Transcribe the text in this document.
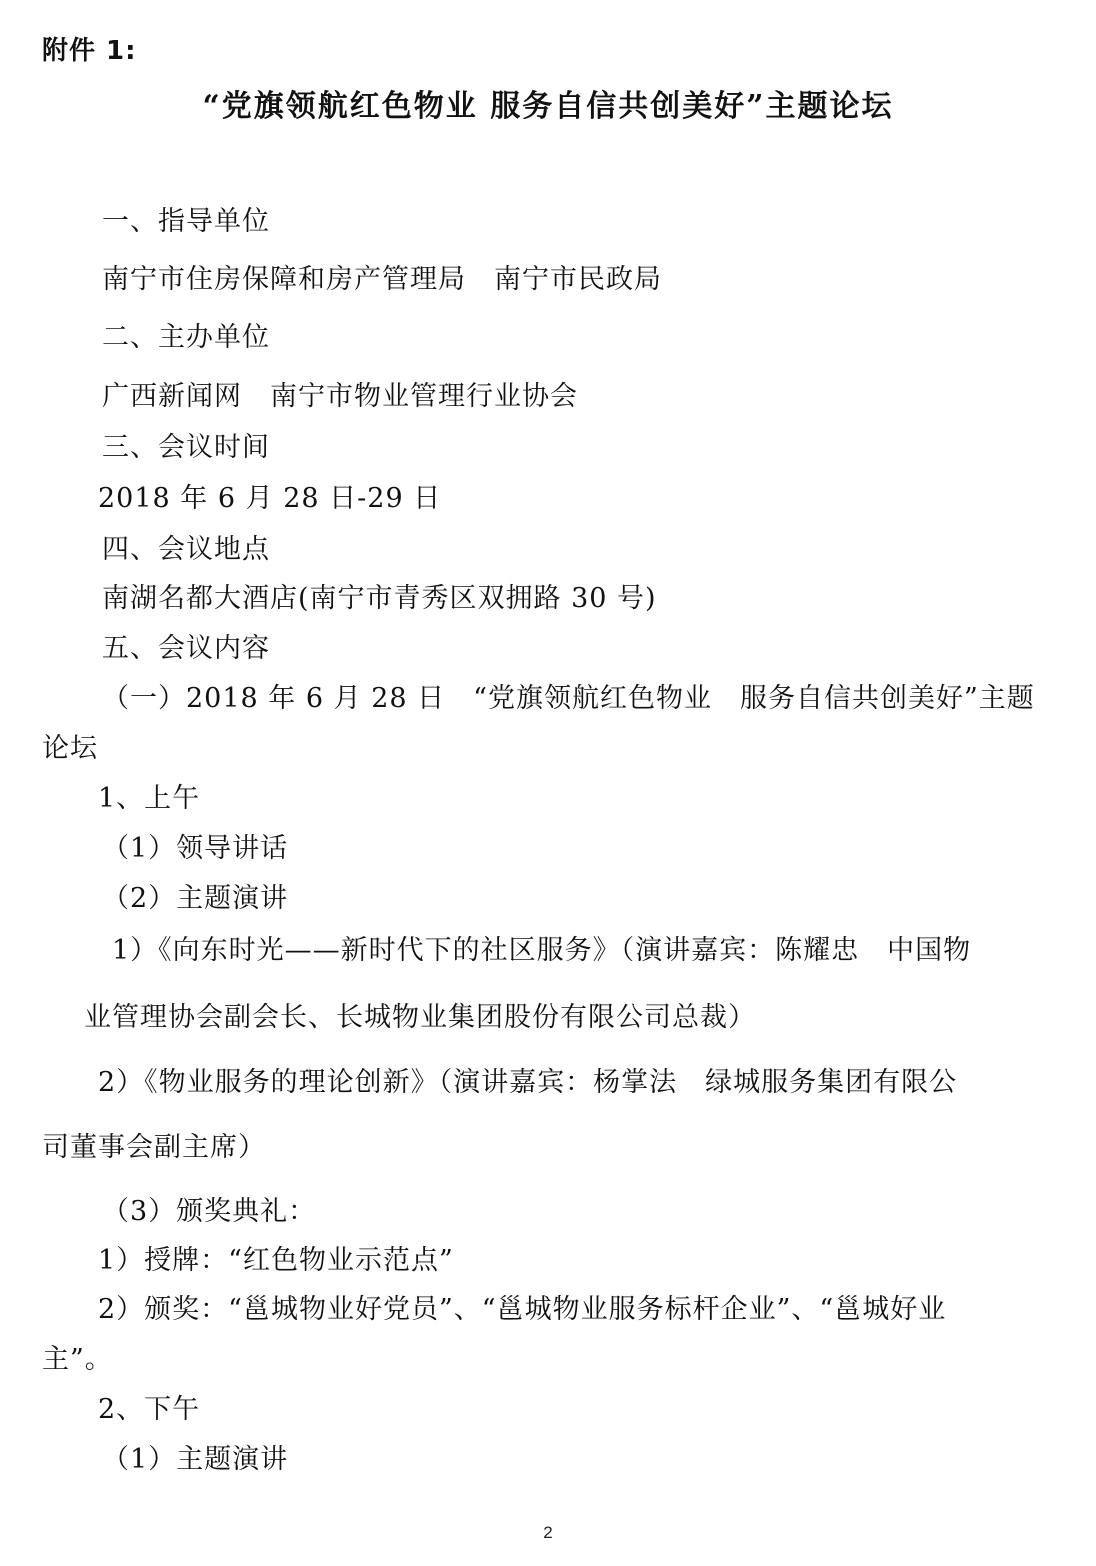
附件 1:
“党旗领航红色物业 服务自信共创美好”主题论坛
一、指导单位
南宁市住房保障和房产管理局　南宁市民政局
二、主办单位
广西新闻网　南宁市物业管理行业协会
三、会议时间
2018 年 6 月 28 日-29 日
四、会议地点
南湖名都大酒店(南宁市青秀区双拥路 30 号)
五、会议内容
（一）2018 年 6 月 28 日　“党旗领航红色物业　服务自信共创美好”主题
论坛
1、上午
（1）领导讲话
（2）主题演讲
1）《向东时光——新时代下的社区服务》（演讲嘉宾：陈耀忠　中国物
业管理协会副会长、长城物业集团股份有限公司总裁）
2）《物业服务的理论创新》（演讲嘉宾：杨掌法　绿城服务集团有限公
司董事会副主席）
（3）颁奖典礼：
1）授牌：“红色物业示范点”
2）颁奖：“邕城物业好党员”、“邕城物业服务标杆企业”、“邕城好业
主”。
2、下午
（1）主题演讲
2
